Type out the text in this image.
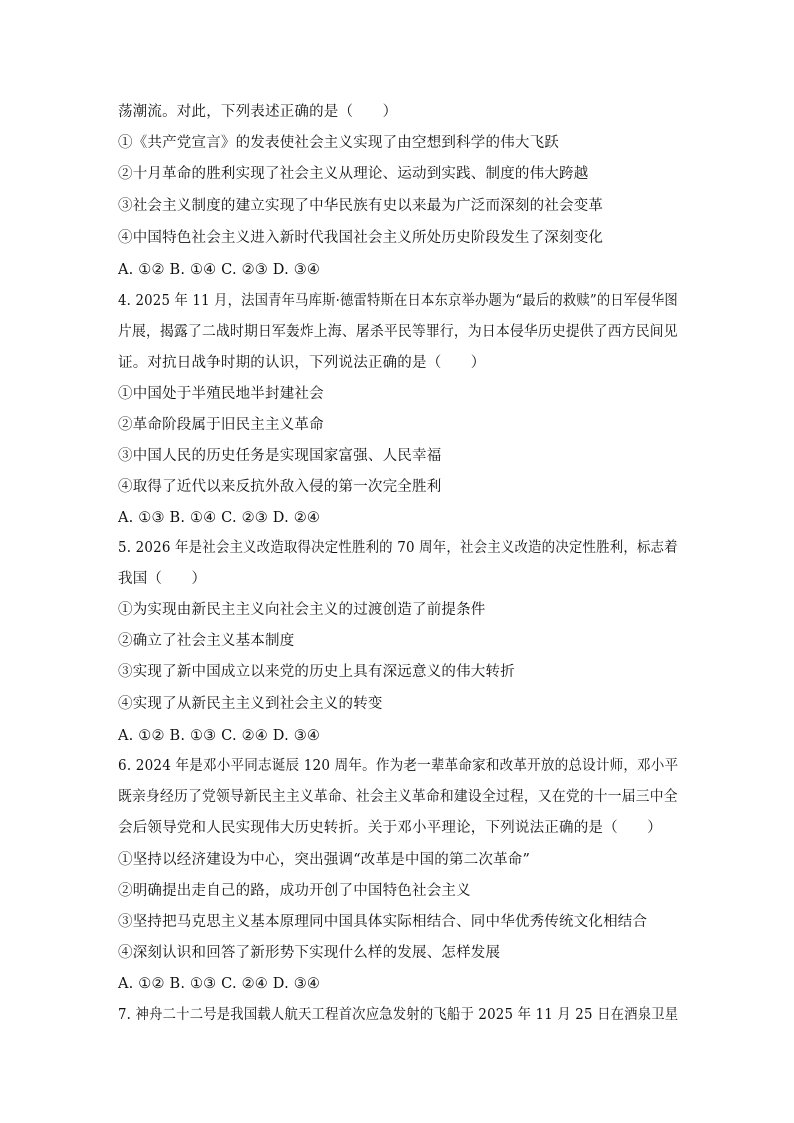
荡潮流。对此，下列表述正确的是（　　）
①《共产党宣言》的发表使社会主义实现了由空想到科学的伟大飞跃
②十月革命的胜利实现了社会主义从理论、运动到实践、制度的伟大跨越
③社会主义制度的建立实现了中华民族有史以来最为广泛而深刻的社会变革
④中国特色社会主义进入新时代我国社会主义所处历史阶段发生了深刻变化
A. ①② B. ①④ C. ②③ D. ③④
4. 2025 年 11 月，法国青年马库斯·德雷特斯在日本东京举办题为“最后的救赎”的日军侵华图
片展，揭露了二战时期日军轰炸上海、屠杀平民等罪行，为日本侵华历史提供了西方民间见
证。对抗日战争时期的认识，下列说法正确的是（　　）
①中国处于半殖民地半封建社会
②革命阶段属于旧民主主义革命
③中国人民的历史任务是实现国家富强、人民幸福
④取得了近代以来反抗外敌入侵的第一次完全胜利
A. ①③ B. ①④ C. ②③ D. ②④
5. 2026 年是社会主义改造取得决定性胜利的 70 周年，社会主义改造的决定性胜利，标志着
我国（　　）
①为实现由新民主主义向社会主义的过渡创造了前提条件
②确立了社会主义基本制度
③实现了新中国成立以来党的历史上具有深远意义的伟大转折
④实现了从新民主主义到社会主义的转变
A. ①② B. ①③ C. ②④ D. ③④
6. 2024 年是邓小平同志诞辰 120 周年。作为老一辈革命家和改革开放的总设计师，邓小平
既亲身经历了党领导新民主主义革命、社会主义革命和建设全过程，又在党的十一届三中全
会后领导党和人民实现伟大历史转折。关于邓小平理论，下列说法正确的是（　　）
①坚持以经济建设为中心，突出强调“改革是中国的第二次革命”
②明确提出走自己的路，成功开创了中国特色社会主义
③坚持把马克思主义基本原理同中国具体实际相结合、同中华优秀传统文化相结合
④深刻认识和回答了新形势下实现什么样的发展、怎样发展
A. ①② B. ①③ C. ②④ D. ③④
7. 神舟二十二号是我国载人航天工程首次应急发射的飞船于 2025 年 11 月 25 日在酒泉卫星
